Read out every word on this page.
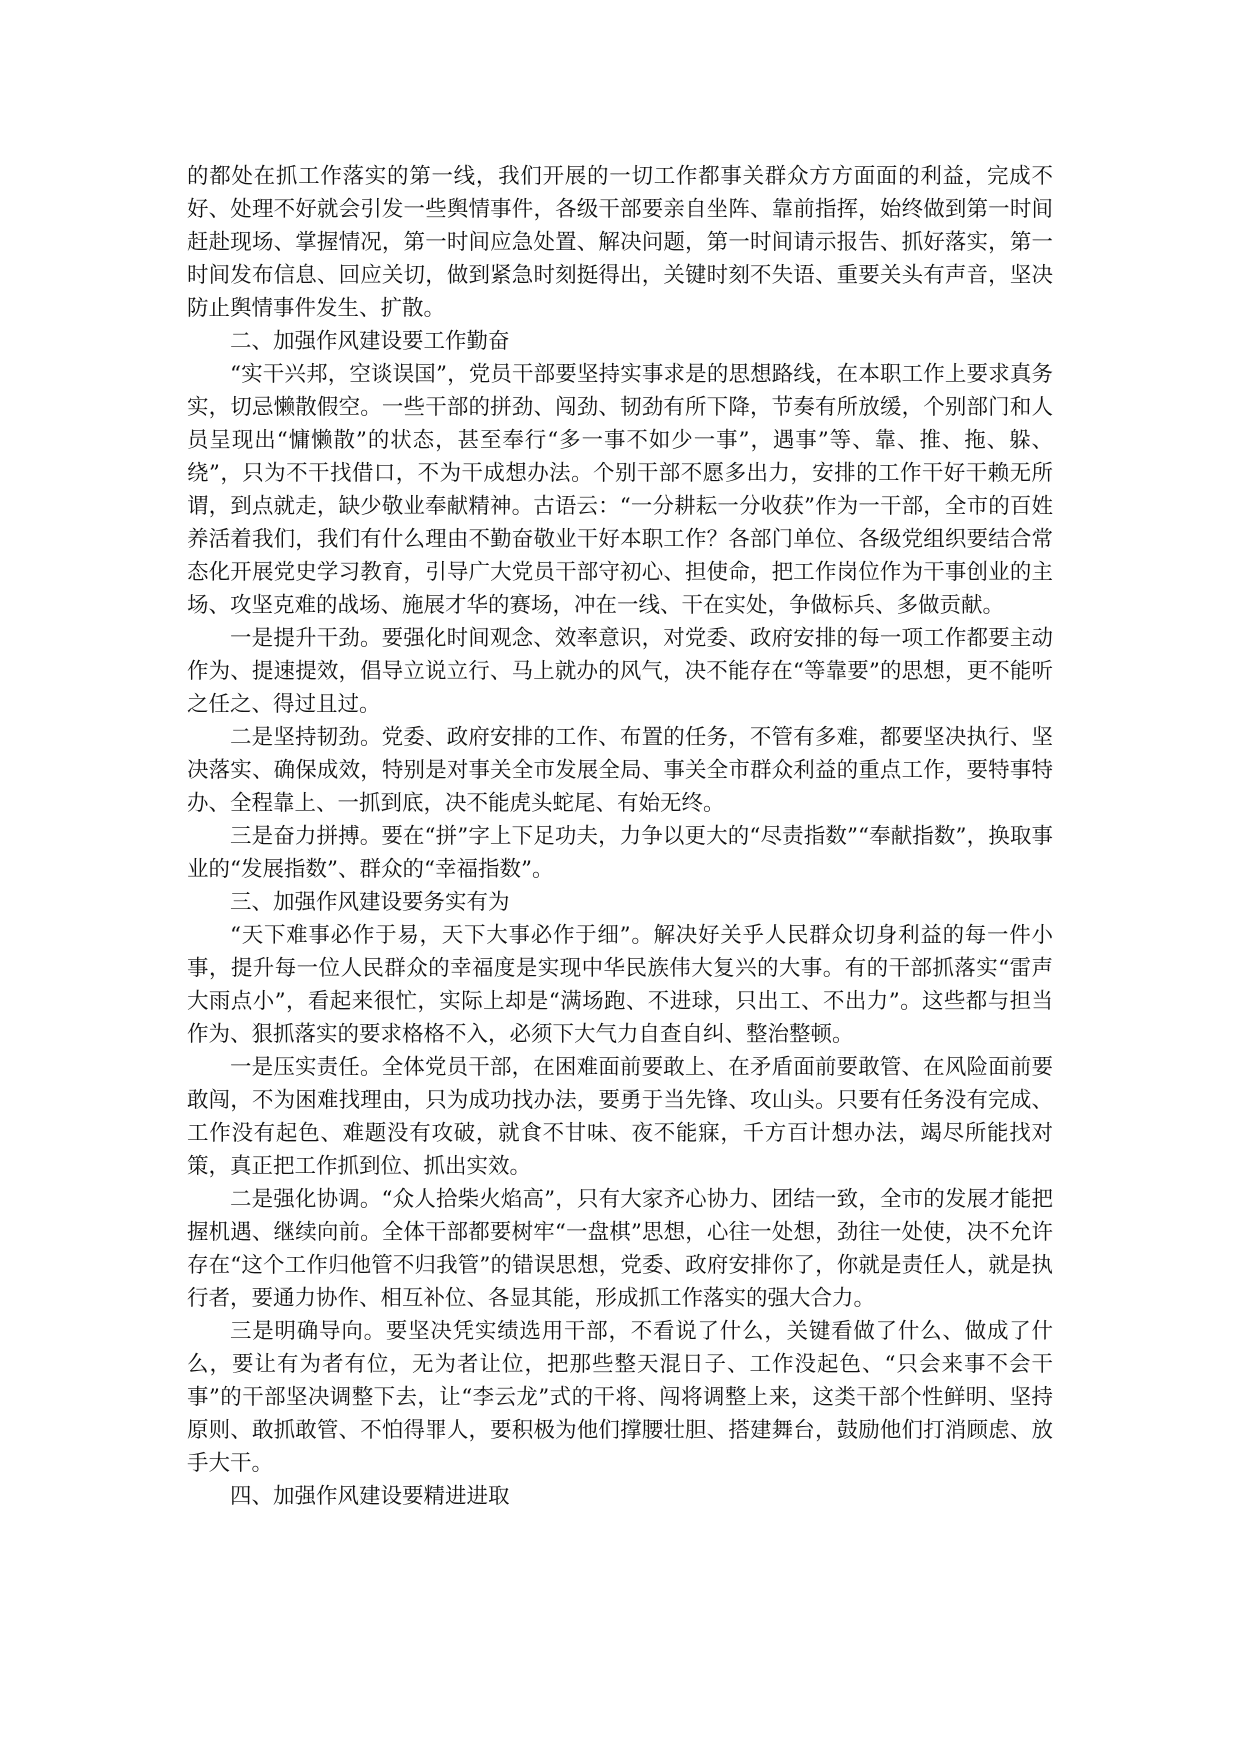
的都处在抓工作落实的第一线，我们开展的一切工作都事关群众方方面面的利益，完成不好、处理不好就会引发一些舆情事件，各级干部要亲自坐阵、靠前指挥，始终做到第一时间赶赴现场、掌握情况，第一时间应急处置、解决问题，第一时间请示报告、抓好落实，第一时间发布信息、回应关切，做到紧急时刻挺得出，关键时刻不失语、重要关头有声音，坚决防止舆情事件发生、扩散。

二、加强作风建设要工作勤奋

“实干兴邦，空谈误国”，党员干部要坚持实事求是的思想路线，在本职工作上要求真务实，切忌懒散假空。一些干部的拼劲、闯劲、韧劲有所下降，节奏有所放缓，个别部门和人员呈现出“慵懒散”的状态，甚至奉行“多一事不如少一事”，遇事”等、靠、推、拖、躲、绕”，只为不干找借口，不为干成想办法。个别干部不愿多出力，安排的工作干好干赖无所谓，到点就走，缺少敬业奉献精神。古语云：“一分耕耘一分收获”作为一干部，全市的百姓养活着我们，我们有什么理由不勤奋敬业干好本职工作？各部门单位、各级党组织要结合常态化开展党史学习教育，引导广大党员干部守初心、担使命，把工作岗位作为干事创业的主场、攻坚克难的战场、施展才华的赛场，冲在一线、干在实处，争做标兵、多做贡献。

一是提升干劲。要强化时间观念、效率意识，对党委、政府安排的每一项工作都要主动作为、提速提效，倡导立说立行、马上就办的风气，决不能存在“等靠要”的思想，更不能听之任之、得过且过。

二是坚持韧劲。党委、政府安排的工作、布置的任务，不管有多难，都要坚决执行、坚决落实、确保成效，特别是对事关全市发展全局、事关全市群众利益的重点工作，要特事特办、全程靠上、一抓到底，决不能虎头蛇尾、有始无终。

三是奋力拼搏。要在“拼”字上下足功夫，力争以更大的“尽责指数”“奉献指数”，换取事业的“发展指数”、群众的“幸福指数”。

三、加强作风建设要务实有为

“天下难事必作于易，天下大事必作于细”。解决好关乎人民群众切身利益的每一件小事，提升每一位人民群众的幸福度是实现中华民族伟大复兴的大事。有的干部抓落实“雷声大雨点小”，看起来很忙，实际上却是“满场跑、不进球，只出工、不出力”。这些都与担当作为、狠抓落实的要求格格不入，必须下大气力自查自纠、整治整顿。

一是压实责任。全体党员干部，在困难面前要敢上、在矛盾面前要敢管、在风险面前要敢闯，不为困难找理由，只为成功找办法，要勇于当先锋、攻山头。只要有任务没有完成、工作没有起色、难题没有攻破，就食不甘味、夜不能寐，千方百计想办法，竭尽所能找对策，真正把工作抓到位、抓出实效。

二是强化协调。“众人拾柴火焰高”，只有大家齐心协力、团结一致，全市的发展才能把握机遇、继续向前。全体干部都要树牢“一盘棋”思想，心往一处想，劲往一处使，决不允许存在“这个工作归他管不归我管”的错误思想，党委、政府安排你了，你就是责任人，就是执行者，要通力协作、相互补位、各显其能，形成抓工作落实的强大合力。

三是明确导向。要坚决凭实绩选用干部，不看说了什么，关键看做了什么、做成了什么，要让有为者有位，无为者让位，把那些整天混日子、工作没起色、“只会来事不会干事”的干部坚决调整下去，让“李云龙”式的干将、闯将调整上来，这类干部个性鲜明、坚持原则、敢抓敢管、不怕得罪人，要积极为他们撑腰壮胆、搭建舞台，鼓励他们打消顾虑、放手大干。

四、加强作风建设要精进进取
